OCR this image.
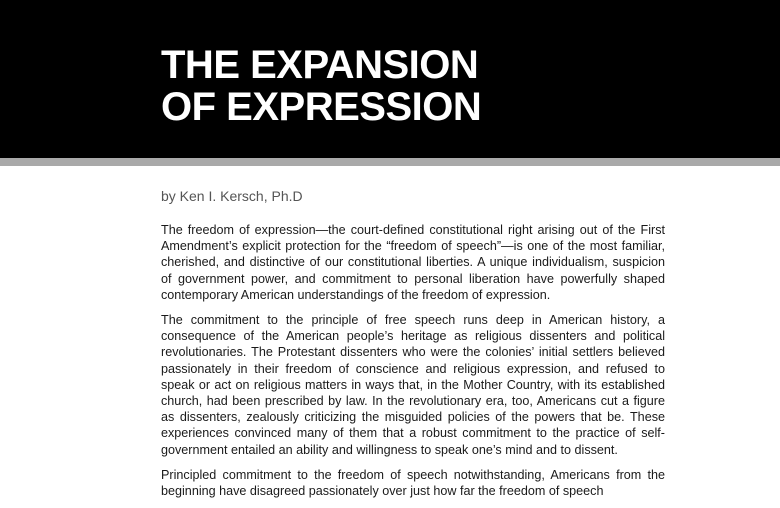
THE EXPANSION
OF EXPRESSION
by Ken I. Kersch, Ph.D

The freedom of expression—the court-defined constitutional right arising out of the First Amendment’s explicit protection for the “freedom of speech”—is one of the most familiar, cherished, and distinctive of our constitutional liberties. A unique individualism, suspicion of government power, and commitment to personal liberation have powerfully shaped contemporary American understandings of the freedom of expression.

The commitment to the principle of free speech runs deep in American history, a consequence of the American people’s heritage as religious dissenters and political revolutionaries. The Protestant dissenters who were the colonies’ initial settlers believed passionately in their freedom of conscience and religious expression, and refused to speak or act on religious matters in ways that, in the Mother Country, with its established church, had been prescribed by law. In the revolutionary era, too, Americans cut a figure as dissenters, zealously criticizing the misguided policies of the powers that be. These experiences convinced many of them that a robust commitment to the practice of self-government entailed an ability and willingness to speak one’s mind and to dissent.

Principled commitment to the freedom of speech notwithstanding, Americans from the beginning have disagreed passionately over just how far the freedom of speech
